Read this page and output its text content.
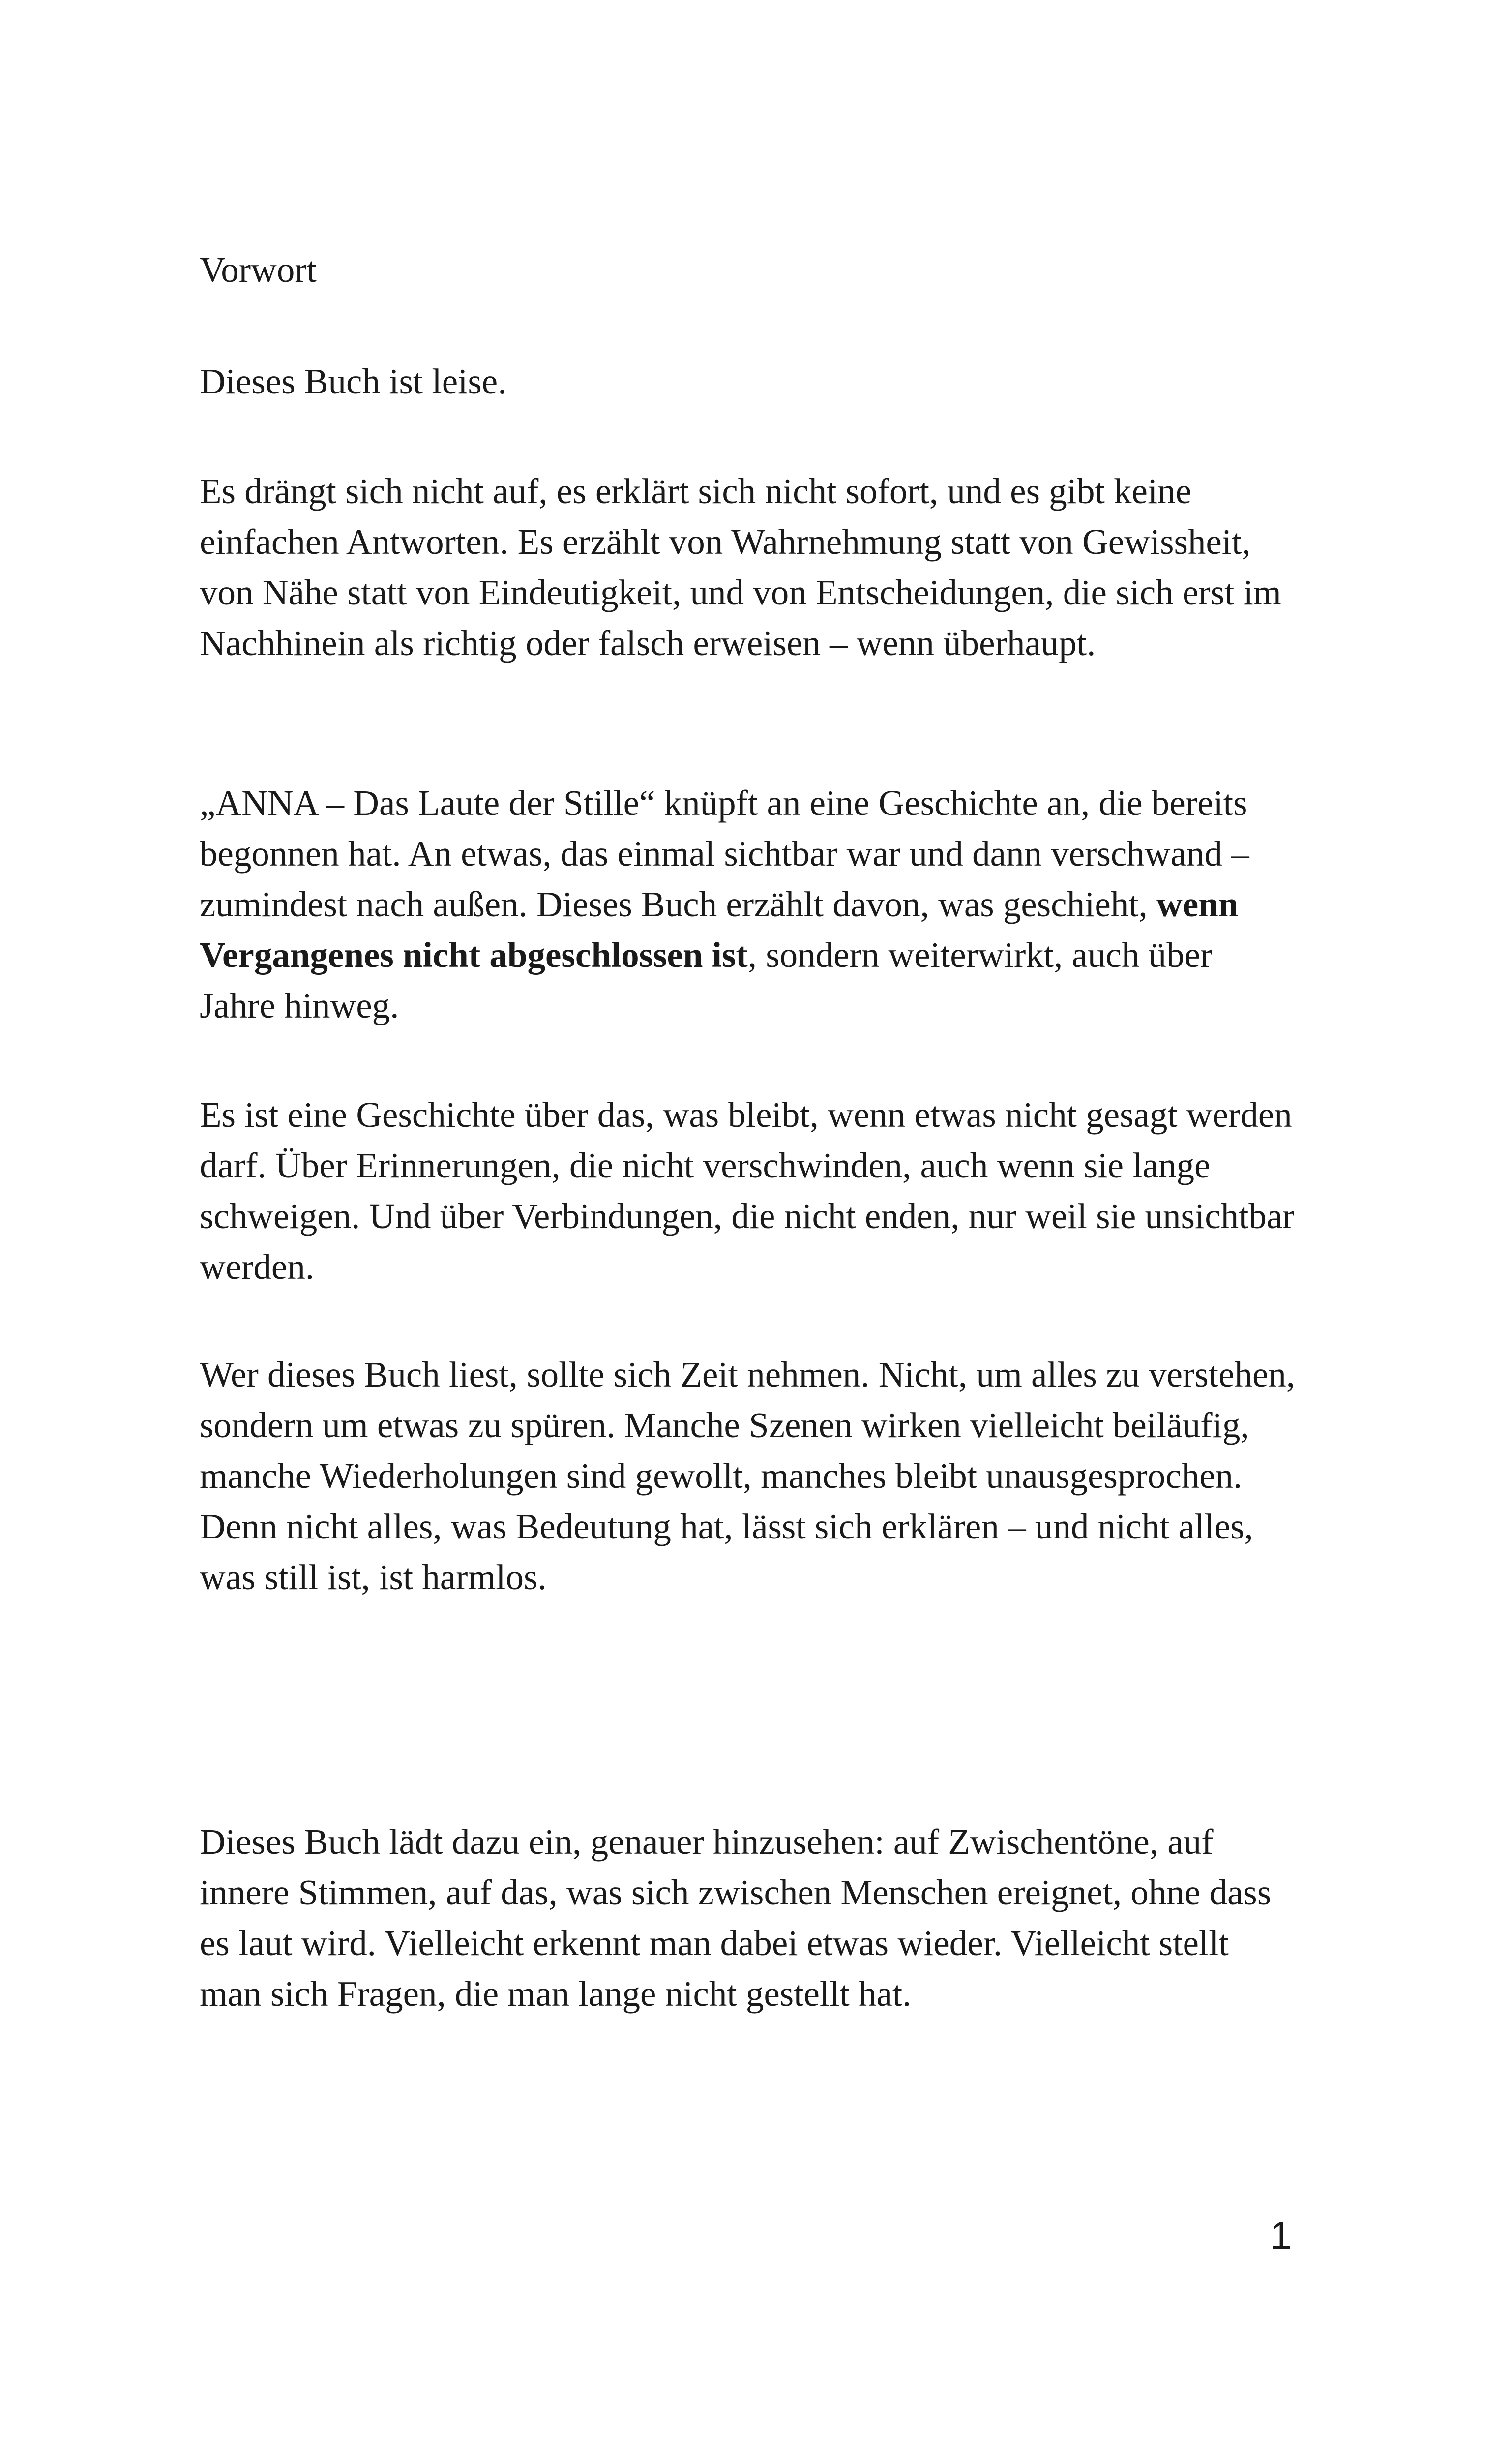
Vorwort

Dieses Buch ist leise.

Es drängt sich nicht auf, es erklärt sich nicht sofort, und es gibt keine einfachen Antworten. Es erzählt von Wahrnehmung statt von Gewissheit, von Nähe statt von Eindeutigkeit, und von Entscheidungen, die sich erst im Nachhinein als richtig oder falsch erweisen – wenn überhaupt.

„ANNA – Das Laute der Stille“ knüpft an eine Geschichte an, die bereits begonnen hat. An etwas, das einmal sichtbar war und dann verschwand – zumindest nach außen. Dieses Buch erzählt davon, was geschieht, wenn Vergangenes nicht abgeschlossen ist, sondern weiterwirkt, auch über Jahre hinweg.

Es ist eine Geschichte über das, was bleibt, wenn etwas nicht gesagt werden darf. Über Erinnerungen, die nicht verschwinden, auch wenn sie lange schweigen. Und über Verbindungen, die nicht enden, nur weil sie unsichtbar werden.

Wer dieses Buch liest, sollte sich Zeit nehmen. Nicht, um alles zu verstehen, sondern um etwas zu spüren. Manche Szenen wirken vielleicht beiläufig, manche Wiederholungen sind gewollt, manches bleibt unausgesprochen. Denn nicht alles, was Bedeutung hat, lässt sich erklären – und nicht alles, was still ist, ist harmlos.

Dieses Buch lädt dazu ein, genauer hinzusehen: auf Zwischentöne, auf innere Stimmen, auf das, was sich zwischen Menschen ereignet, ohne dass es laut wird. Vielleicht erkennt man dabei etwas wieder. Vielleicht stellt man sich Fragen, die man lange nicht gestellt hat.

1
